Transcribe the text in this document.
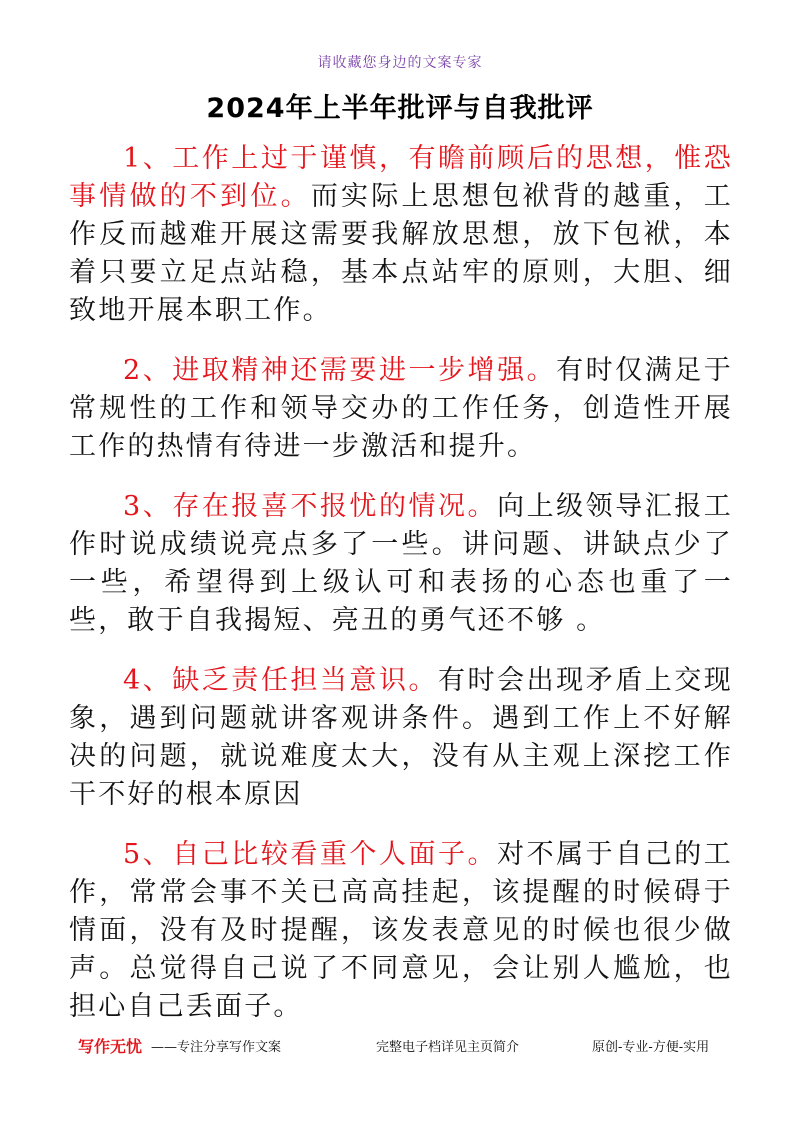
请收藏您身边的文案专家
2024年上半年批评与自我批评

1、工作上过于谨慎，有瞻前顾后的思想，惟恐事情做的不到位。而实际上思想包袱背的越重，工作反而越难开展这需要我解放思想，放下包袱，本着只要立足点站稳，基本点站牢的原则，大胆、细致地开展本职工作。

2、进取精神还需要进一步增强。有时仅满足于常规性的工作和领导交办的工作任务，创造性开展工作的热情有待进一步激活和提升。

3、存在报喜不报忧的情况。向上级领导汇报工作时说成绩说亮点多了一些。讲问题、讲缺点少了一些，希望得到上级认可和表扬的心态也重了一些，敢于自我揭短、亮丑的勇气还不够 。

4、缺乏责任担当意识。有时会出现矛盾上交现象，遇到问题就讲客观讲条件。遇到工作上不好解决的问题，就说难度太大，没有从主观上深挖工作干不好的根本原因

5、自己比较看重个人面子。对不属于自己的工作，常常会事不关已高高挂起，该提醒的时候碍于情面，没有及时提醒，该发表意见的时候也很少做声。总觉得自己说了不同意见，会让别人尴尬，也担心自己丢面子。

写作无忧 ——专注分享写作文案	完整电子档详见主页简介	原创-专业-方便-实用
